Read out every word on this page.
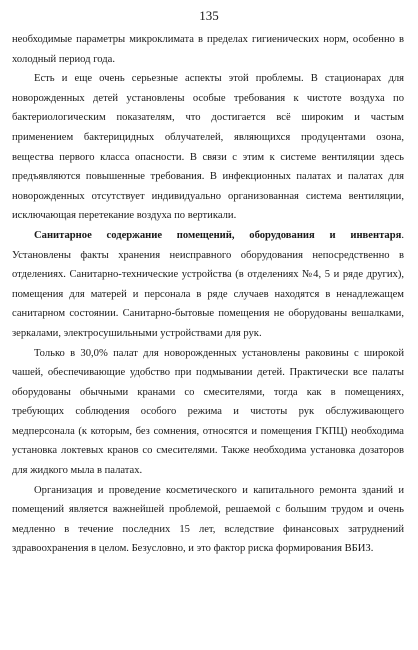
135

необходимые параметры микроклимата в пределах гигиенических норм, особенно в холодный период года.

Есть и еще очень серьезные аспекты этой проблемы. В стационарах для новорожденных детей установлены особые требования к чистоте воздуха по бактериологическим показателям, что достигается всё широким и частым применением бактерицидных облучателей, являющихся продуцентами озона, вещества первого класса опасности. В связи с этим к системе вентиляции здесь предъявляются повышенные требования. В инфекционных палатах и палатах для новорожденных отсутствует индивидуально организованная система вентиляции, исключающая перетекание воздуха по вертикали.

Санитарное содержание помещений, оборудования и инвентаря. Установлены факты хранения неисправного оборудования непосредственно в отделениях. Санитарно-технические устройства (в отделениях №4, 5 и ряде других), помещения для матерей и персонала в ряде случаев находятся в ненадлежащем санитарном состоянии. Санитарно-бытовые помещения не оборудованы вешалками, зеркалами, электросушильными устройствами для рук.

Только в 30,0% палат для новорожденных установлены раковины с широкой чашей, обеспечивающие удобство при подмывании детей. Практически все палаты оборудованы обычными кранами со смесителями, тогда как в помещениях, требующих соблюдения особого режима и чистоты рук обслуживающего медперсонала (к которым, без сомнения, относятся и помещения ГКПЦ) необходима установка локтевых кранов со смесителями. Также необходима установка дозаторов для жидкого мыла в палатах.

Организация и проведение косметического и капитального ремонта зданий и помещений является важнейшей проблемой, решаемой с большим трудом и очень медленно в течение последних 15 лет, вследствие финансовых затруднений здравоохранения в целом. Безусловно, и это фактор риска формирования ВБИЗ.
